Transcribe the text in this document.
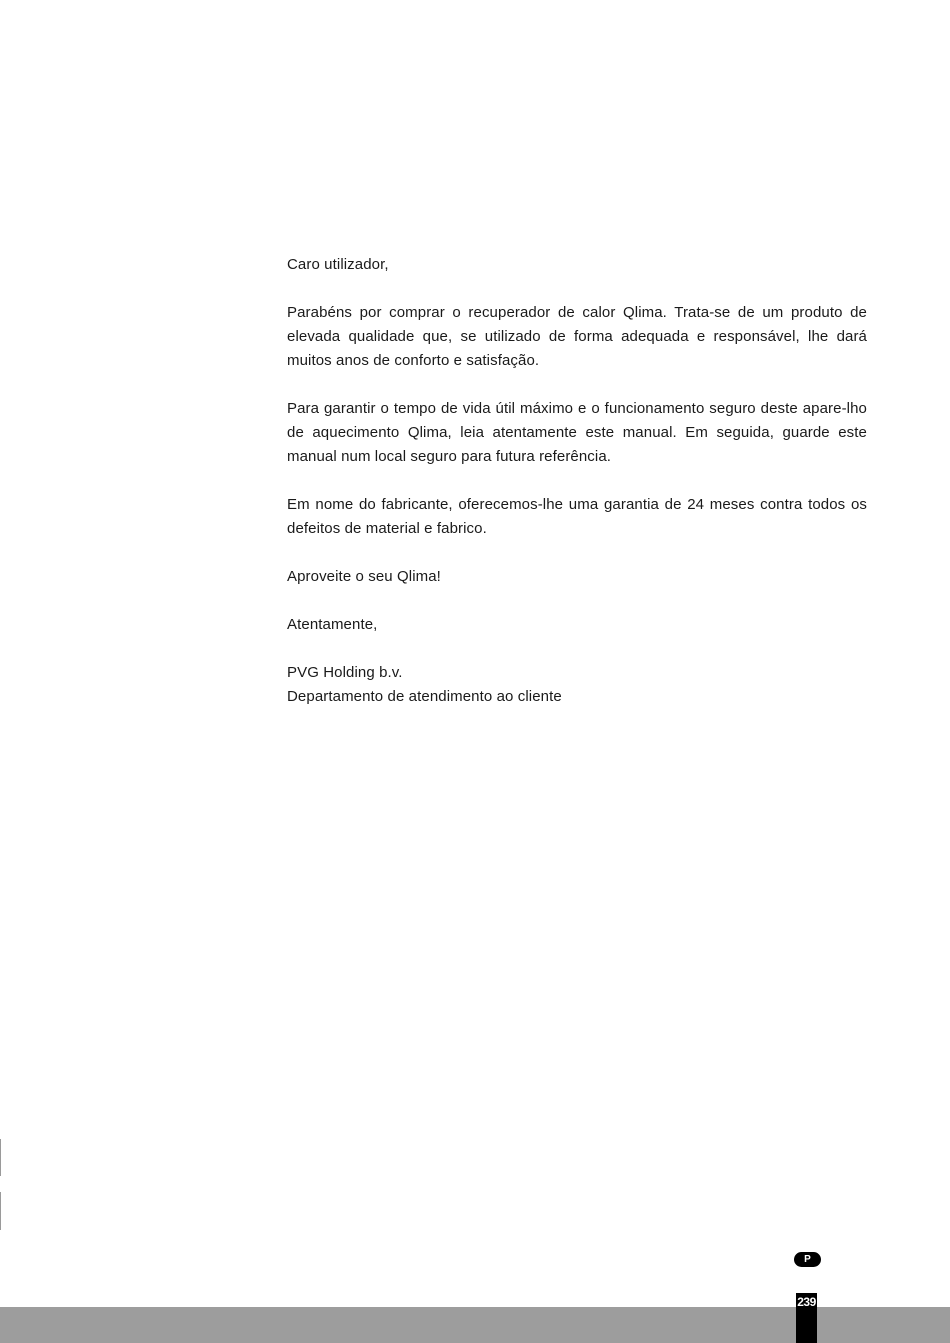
Caro utilizador,

Parabéns por comprar o recuperador de calor Qlima. Trata-se de um produto de elevada qualidade que, se utilizado de forma adequada e responsável, lhe dará muitos anos de conforto e satisfação.

Para garantir o tempo de vida útil máximo e o funcionamento seguro deste apare-lho de aquecimento Qlima, leia atentamente este manual. Em seguida, guarde este manual num local seguro para futura referência.

Em nome do fabricante, oferecemos-lhe uma garantia de 24 meses contra todos os defeitos de material e fabrico.

Aproveite o seu Qlima!

Atentamente,

PVG Holding b.v.
Departamento de atendimento ao cliente

P
239
